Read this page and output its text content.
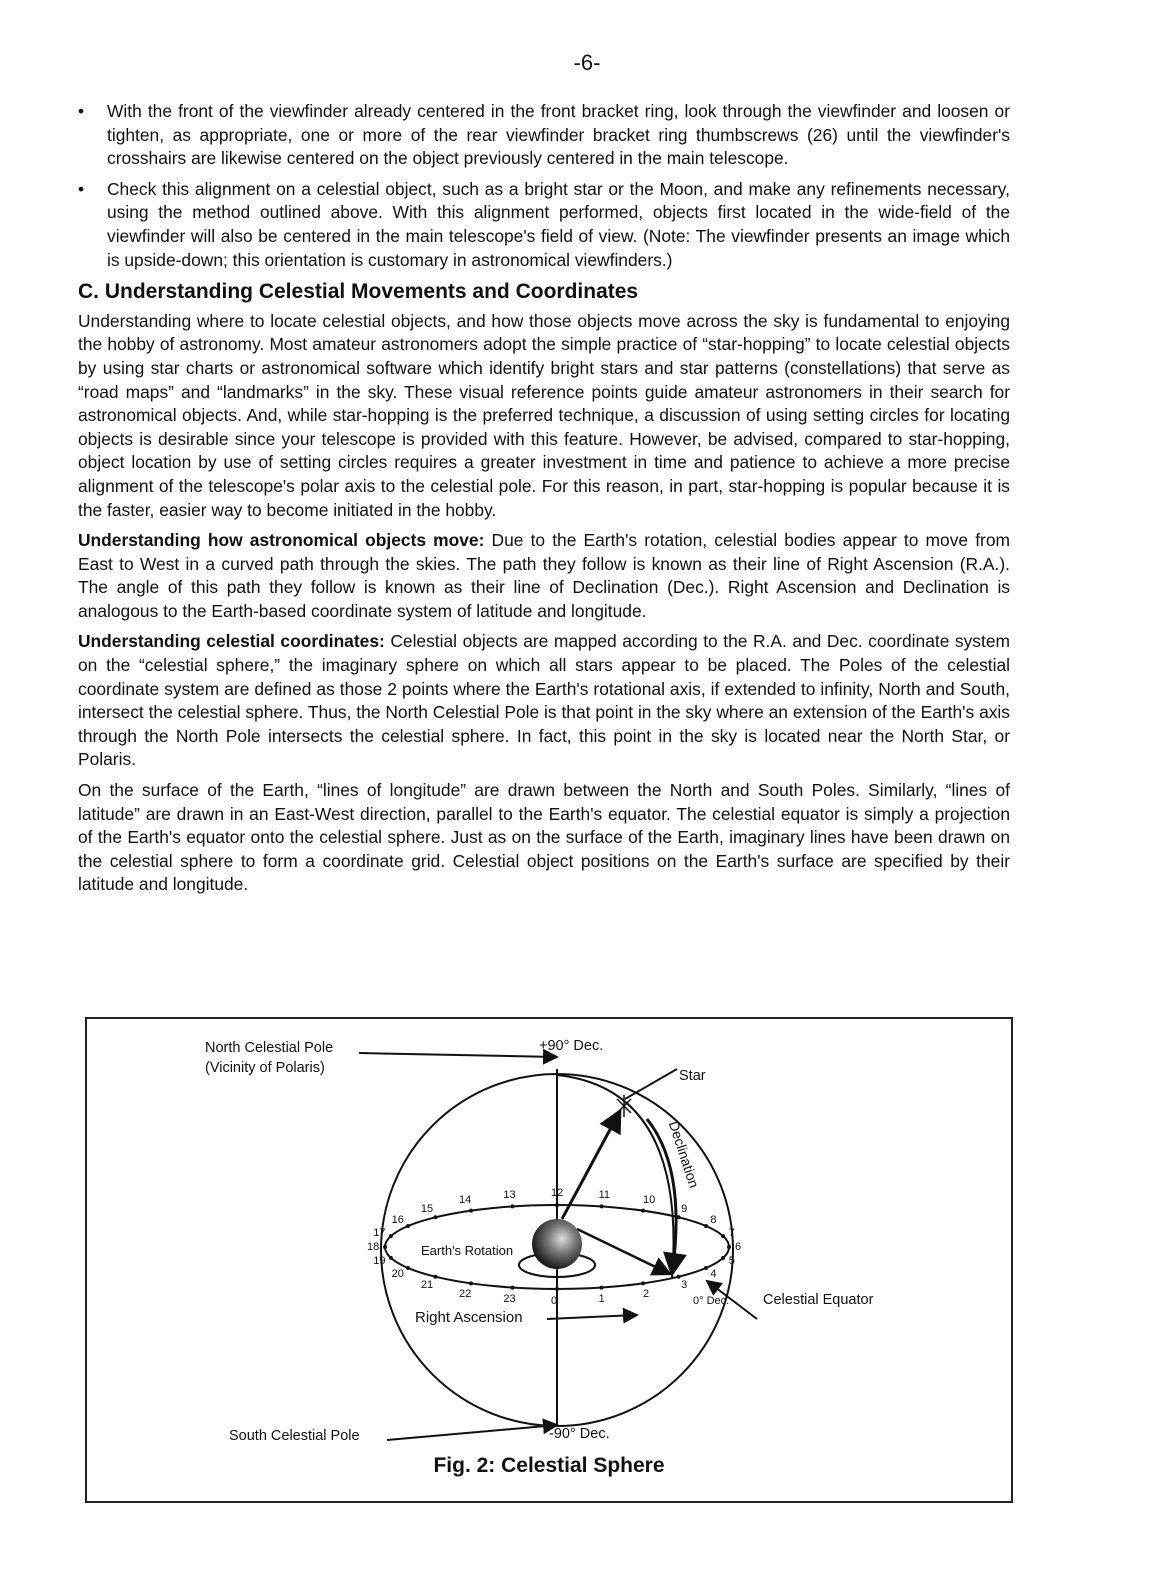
-6-
• With the front of the viewfinder already centered in the front bracket ring, look through the viewfinder and loosen or tighten, as appropriate, one or more of the rear viewfinder bracket ring thumbscrews (26) until the viewfinder's crosshairs are likewise centered on the object previously centered in the main telescope.
• Check this alignment on a celestial object, such as a bright star or the Moon, and make any refinements necessary, using the method outlined above. With this alignment performed, objects first located in the wide-field of the viewfinder will also be centered in the main telescope's field of view. (Note: The viewfinder presents an image which is upside-down; this orientation is customary in astronomical viewfinders.)
C. Understanding Celestial Movements and Coordinates

Understanding where to locate celestial objects, and how those objects move across the sky is fundamental to enjoying the hobby of astronomy. Most amateur astronomers adopt the simple practice of “star-hopping” to locate celestial objects by using star charts or astronomical software which identify bright stars and star patterns (constellations) that serve as “road maps” and “landmarks” in the sky. These visual reference points guide amateur astronomers in their search for astronomical objects. And, while star-hopping is the preferred technique, a discussion of using setting circles for locating objects is desirable since your telescope is provided with this feature. However, be advised, compared to star-hopping, object location by use of setting circles requires a greater investment in time and patience to achieve a more precise alignment of the telescope's polar axis to the celestial pole. For this reason, in part, star-hopping is popular because it is the faster, easier way to become initiated in the hobby.

Understanding how astronomical objects move: Due to the Earth's rotation, celestial bodies appear to move from East to West in a curved path through the skies. The path they follow is known as their line of Right Ascension (R.A.). The angle of this path they follow is known as their line of Declination (Dec.). Right Ascension and Declination is analogous to the Earth-based coordinate system of latitude and longitude.

Understanding celestial coordinates: Celestial objects are mapped according to the R.A. and Dec. coordinate system on the “celestial sphere,” the imaginary sphere on which all stars appear to be placed. The Poles of the celestial coordinate system are defined as those 2 points where the Earth's rotational axis, if extended to infinity, North and South, intersect the celestial sphere. Thus, the North Celestial Pole is that point in the sky where an extension of the Earth's axis through the North Pole intersects the celestial sphere. In fact, this point in the sky is located near the North Star, or Polaris.

On the surface of the Earth, “lines of longitude” are drawn between the North and South Poles. Similarly, “lines of latitude” are drawn in an East-West direction, parallel to the Earth's equator. The celestial equator is simply a projection of the Earth's equator onto the celestial sphere. Just as on the surface of the Earth, imaginary lines have been drawn on the celestial sphere to form a coordinate grid. Celestial object positions on the Earth's surface are specified by their latitude and longitude.

North Celestial Pole
(Vicinity of Polaris)
+90° Dec.
Star
Declination
Earth's Rotation
Right Ascension
0° Dec. Celestial Equator
South Celestial Pole	-90° Dec.
Fig. 2: Celestial Sphere
0	1	2
3
4
5
6
7
8
9
10
11
12
13
14
15
16
17
18
19
20
21
22	23
